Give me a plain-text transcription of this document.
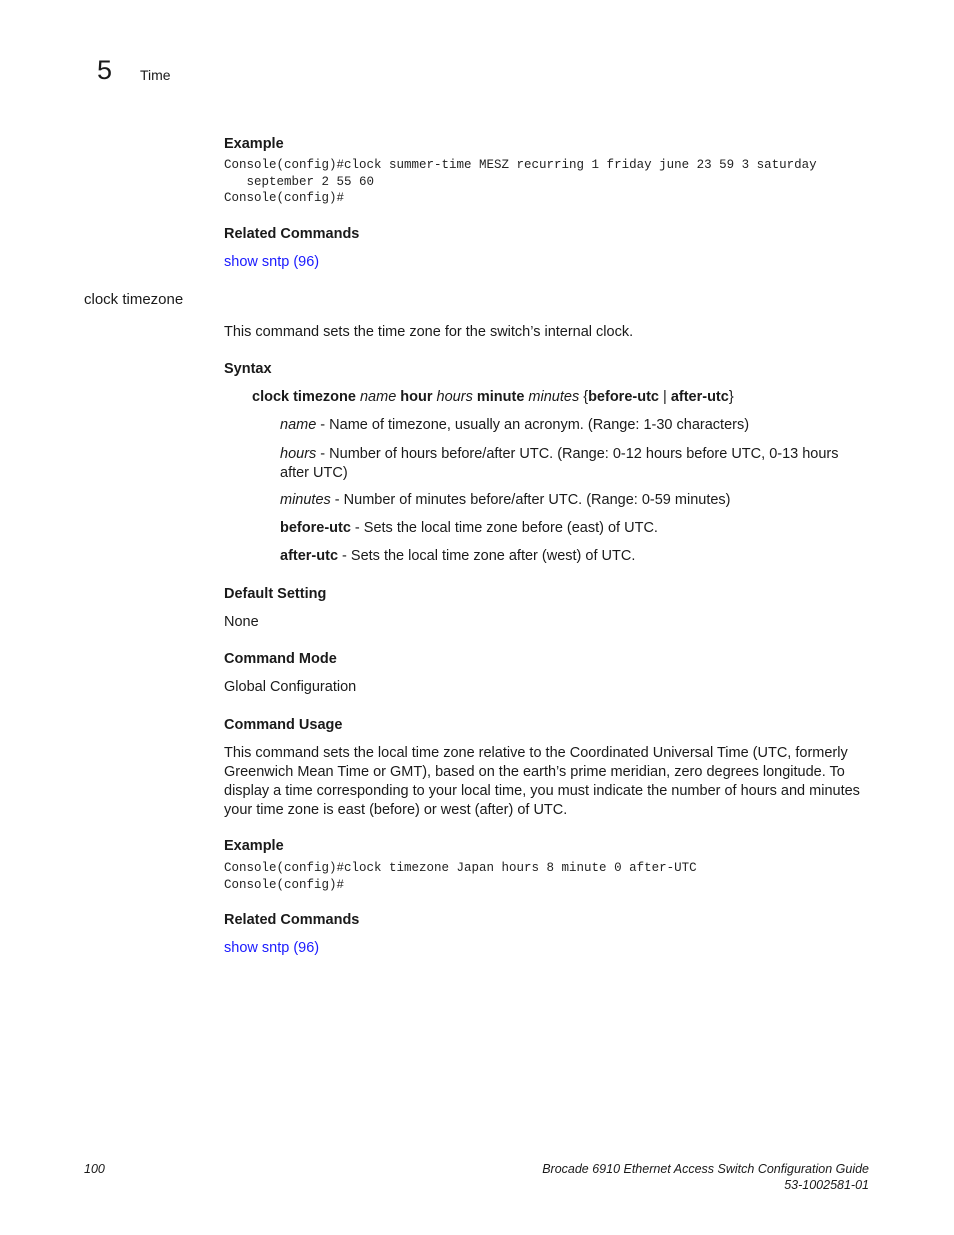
5 Time
Example
Console(config)#clock summer-time MESZ recurring 1 friday june 23 59 3 saturday
september 2 55 60
Console(config)#
Related Commands
show sntp (96)
clock timezone
This command sets the time zone for the switch’s internal clock.
Syntax
clock timezone name hour hours minute minutes {before-utc | after-utc}
name - Name of timezone, usually an acronym. (Range: 1-30 characters)
hours - Number of hours before/after UTC. (Range: 0-12 hours before UTC, 0-13 hours after UTC)
minutes - Number of minutes before/after UTC. (Range: 0-59 minutes)
before-utc - Sets the local time zone before (east) of UTC.
after-utc - Sets the local time zone after (west) of UTC.
Default Setting
None
Command Mode
Global Configuration
Command Usage
This command sets the local time zone relative to the Coordinated Universal Time (UTC, formerly Greenwich Mean Time or GMT), based on the earth’s prime meridian, zero degrees longitude. To display a time corresponding to your local time, you must indicate the number of hours and minutes your time zone is east (before) or west (after) of UTC.
Example
Console(config)#clock timezone Japan hours 8 minute 0 after-UTC
Console(config)#
Related Commands
show sntp (96)
100	Brocade 6910 Ethernet Access Switch Configuration Guide
53-1002581-01
